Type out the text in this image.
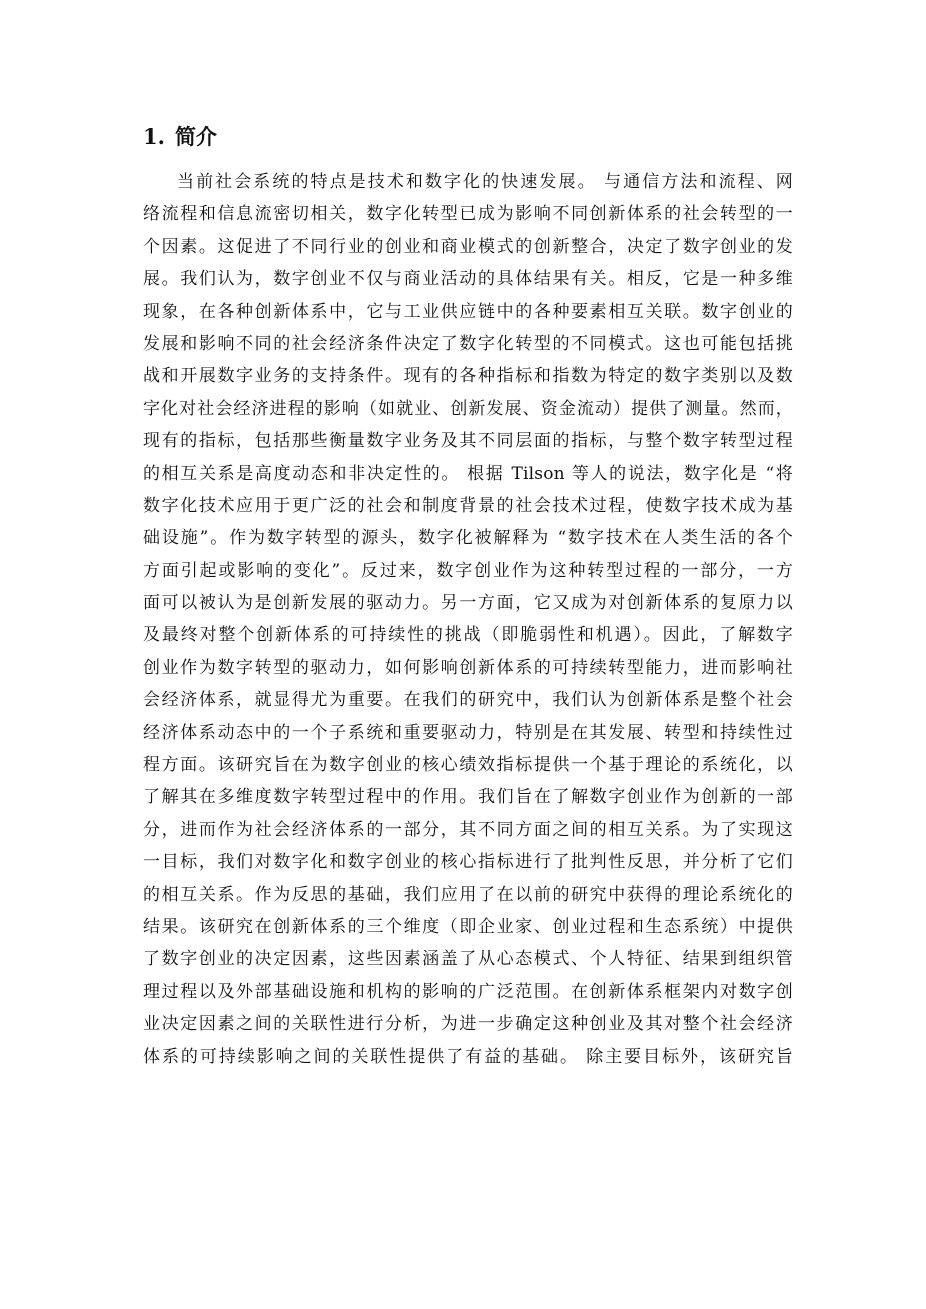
1. 简介
当前社会系统的特点是技术和数字化的快速发展。 与通信方法和流程、网
络流程和信息流密切相关，数字化转型已成为影响不同创新体系的社会转型的一
个因素。这促进了不同行业的创业和商业模式的创新整合，决定了数字创业的发
展。我们认为，数字创业不仅与商业活动的具体结果有关。相反，它是一种多维
现象，在各种创新体系中，它与工业供应链中的各种要素相互关联。数字创业的
发展和影响不同的社会经济条件决定了数字化转型的不同模式。这也可能包括挑
战和开展数字业务的支持条件。现有的各种指标和指数为特定的数字类别以及数
字化对社会经济进程的影响（如就业、创新发展、资金流动）提供了测量。然而，
现有的指标，包括那些衡量数字业务及其不同层面的指标，与整个数字转型过程
的相互关系是高度动态和非决定性的。 根据 Tilson 等人的说法，数字化是 “将
数字化技术应用于更广泛的社会和制度背景的社会技术过程，使数字技术成为基
础设施”。作为数字转型的源头，数字化被解释为 “数字技术在人类生活的各个
方面引起或影响的变化”。反过来，数字创业作为这种转型过程的一部分，一方
面可以被认为是创新发展的驱动力。另一方面，它又成为对创新体系的复原力以
及最终对整个创新体系的可持续性的挑战（即脆弱性和机遇）。因此，了解数字
创业作为数字转型的驱动力，如何影响创新体系的可持续转型能力，进而影响社
会经济体系，就显得尤为重要。在我们的研究中，我们认为创新体系是整个社会
经济体系动态中的一个子系统和重要驱动力，特别是在其发展、转型和持续性过
程方面。该研究旨在为数字创业的核心绩效指标提供一个基于理论的系统化，以
了解其在多维度数字转型过程中的作用。我们旨在了解数字创业作为创新的一部
分，进而作为社会经济体系的一部分，其不同方面之间的相互关系。为了实现这
一目标，我们对数字化和数字创业的核心指标进行了批判性反思，并分析了它们
的相互关系。作为反思的基础，我们应用了在以前的研究中获得的理论系统化的
结果。该研究在创新体系的三个维度（即企业家、创业过程和生态系统）中提供
了数字创业的决定因素，这些因素涵盖了从心态模式、个人特征、结果到组织管
理过程以及外部基础设施和机构的影响的广泛范围。在创新体系框架内对数字创
业决定因素之间的关联性进行分析，为进一步确定这种创业及其对整个社会经济
体系的可持续影响之间的关联性提供了有益的基础。 除主要目标外，该研究旨
